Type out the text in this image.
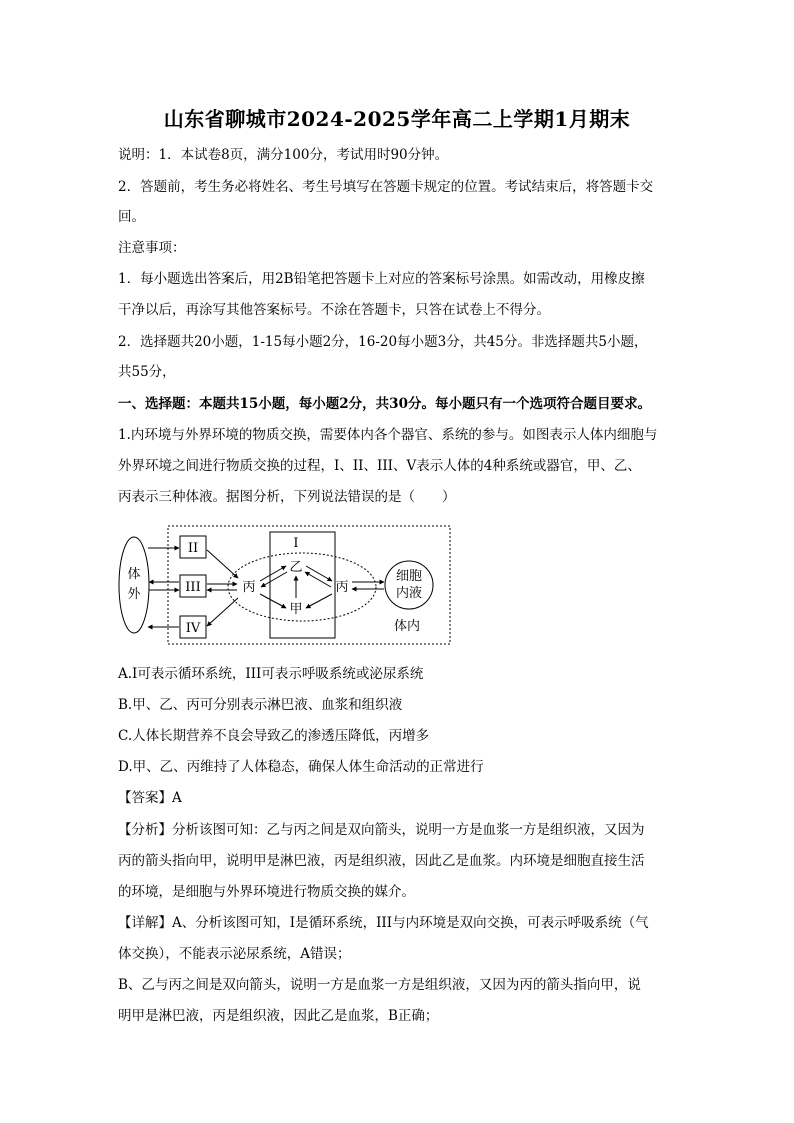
山东省聊城市2024-2025学年高二上学期1月期末
说明：1．本试卷8页，满分100分，考试用时90分钟。
2．答题前，考生务必将姓名、考生号填写在答题卡规定的位置。考试结束后，将答题卡交
回。
注意事项：
1．每小题选出答案后，用2B铅笔把答题卡上对应的答案标号涂黑。如需改动，用橡皮擦
干净以后，再涂写其他答案标号。不涂在答题卡，只答在试卷上不得分。
2．选择题共20小题，1-15每小题2分，16-20每小题3分，共45分。非选择题共5小题，
共55分，
一、选择题：本题共15小题，每小题2分，共30分。每小题只有一个选项符合题目要求。
1.内环境与外界环境的物质交换，需要体内各个器官、系统的参与。如图表示人体内细胞与
外界环境之间进行物质交换的过程，I、II、III、V表示人体的4种系统或器官，甲、乙、
丙表示三种体液。据图分析，下列说法错误的是（　　）
体
外
II
III
IV
I
丙
乙
甲
丙
细胞
内液
体内
A.I可表示循环系统，III可表示呼吸系统或泌尿系统
B.甲、乙、丙可分别表示淋巴液、血浆和组织液
C.人体长期营养不良会导致乙的渗透压降低，丙增多
D.甲、乙、丙维持了人体稳态，确保人体生命活动的正常进行
【答案】A
【分析】分析该图可知：乙与丙之间是双向箭头，说明一方是血浆一方是组织液，又因为
丙的箭头指向甲，说明甲是淋巴液，丙是组织液，因此乙是血浆。内环境是细胞直接生活
的环境，是细胞与外界环境进行物质交换的媒介。
【详解】A、分析该图可知，I是循环系统，III与内环境是双向交换，可表示呼吸系统（气
体交换），不能表示泌尿系统，A错误；
B、乙与丙之间是双向箭头，说明一方是血浆一方是组织液，又因为丙的箭头指向甲，说
明甲是淋巴液，丙是组织液，因此乙是血浆，B正确；
